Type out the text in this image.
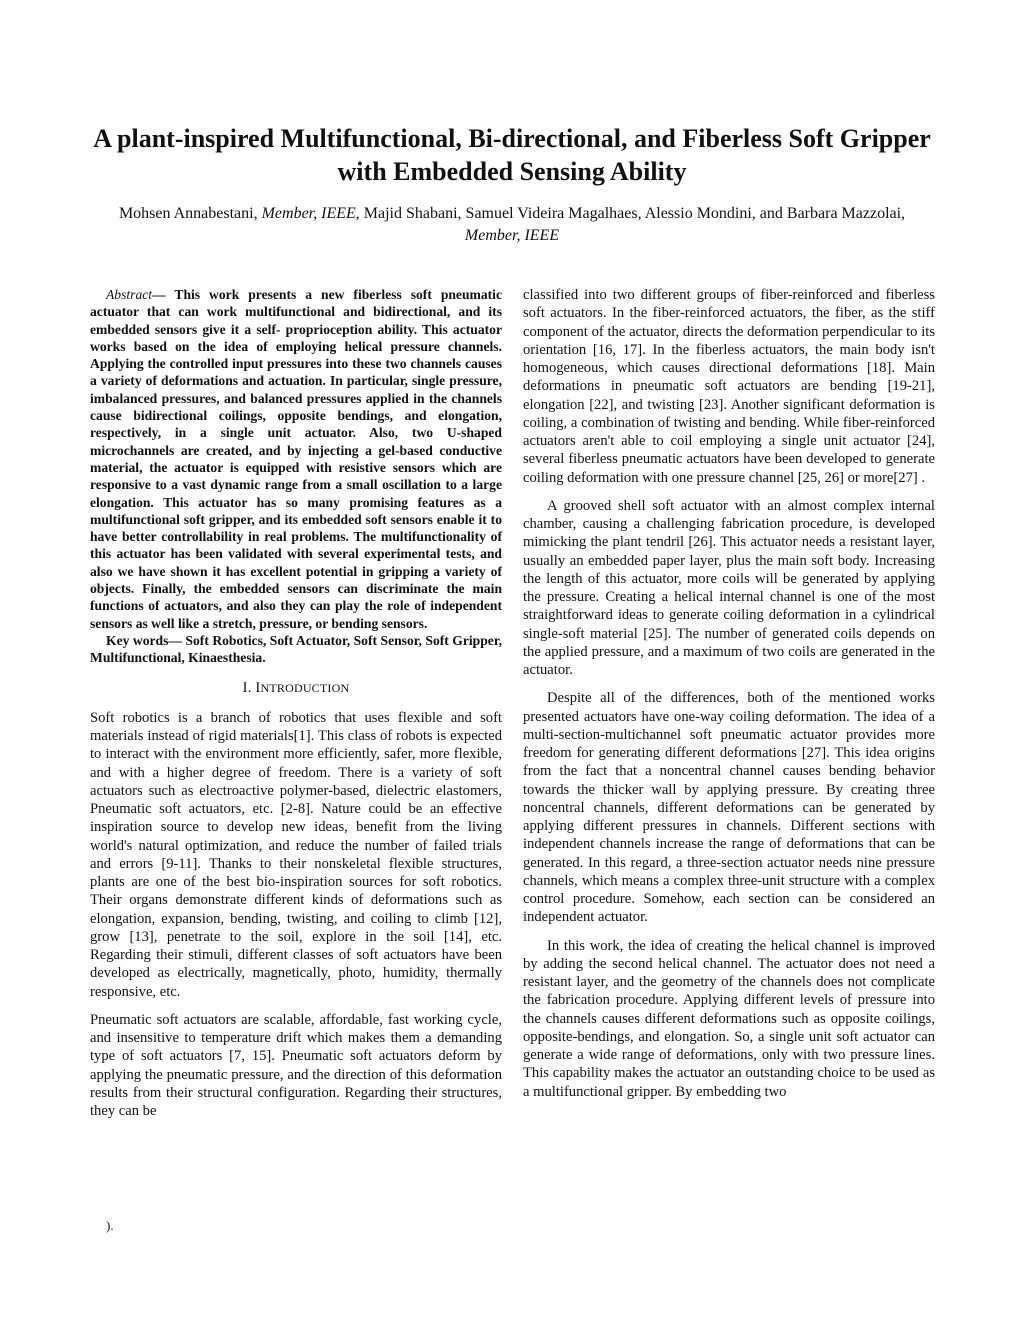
A plant-inspired Multifunctional, Bi-directional, and Fiberless Soft Gripper with Embedded Sensing Ability
Mohsen Annabestani, Member, IEEE, Majid Shabani, Samuel Videira Magalhaes, Alessio Mondini, and Barbara Mazzolai, Member, IEEE

Abstract— This work presents a new fiberless soft pneumatic actuator that can work multifunctional and bidirectional, and its embedded sensors give it a self- proprioception ability. This actuator works based on the idea of employing helical pressure channels. Applying the controlled input pressures into these two channels causes a variety of deformations and actuation. In particular, single pressure, imbalanced pressures, and balanced pressures applied in the channels cause bidirectional coilings, opposite bendings, and elongation, respectively, in a single unit actuator. Also, two U-shaped microchannels are created, and by injecting a gel-based conductive material, the actuator is equipped with resistive sensors which are responsive to a vast dynamic range from a small oscillation to a large elongation. This actuator has so many promising features as a multifunctional soft gripper, and its embedded soft sensors enable it to have better controllability in real problems. The multifunctionality of this actuator has been validated with several experimental tests, and also we have shown it has excellent potential in gripping a variety of objects. Finally, the embedded sensors can discriminate the main functions of actuators, and also they can play the role of independent sensors as well like a stretch, pressure, or bending sensors.

Key words— Soft Robotics, Soft Actuator, Soft Sensor, Soft Gripper, Multifunctional, Kinaesthesia.

I. INTRODUCTION

Soft robotics is a branch of robotics that uses flexible and soft materials instead of rigid materials[1]. This class of robots is expected to interact with the environment more efficiently, safer, more flexible, and with a higher degree of freedom. There is a variety of soft actuators such as electroactive polymer-based, dielectric elastomers, Pneumatic soft actuators, etc. [2-8]. Nature could be an effective inspiration source to develop new ideas, benefit from the living world's natural optimization, and reduce the number of failed trials and errors [9-11]. Thanks to their nonskeletal flexible structures, plants are one of the best bio-inspiration sources for soft robotics. Their organs demonstrate different kinds of deformations such as elongation, expansion, bending, twisting, and coiling to climb [12], grow [13], penetrate to the soil, explore in the soil [14], etc. Regarding their stimuli, different classes of soft actuators have been developed as electrically, magnetically, photo, humidity, thermally responsive, etc.

Pneumatic soft actuators are scalable, affordable, fast working cycle, and insensitive to temperature drift which makes them a demanding type of soft actuators [7, 15]. Pneumatic soft actuators deform by applying the pneumatic pressure, and the direction of this deformation results from their structural configuration. Regarding their structures, they can be

classified into two different groups of fiber-reinforced and fiberless soft actuators. In the fiber-reinforced actuators, the fiber, as the stiff component of the actuator, directs the deformation perpendicular to its orientation [16, 17]. In the fiberless actuators, the main body isn't homogeneous, which causes directional deformations [18]. Main deformations in pneumatic soft actuators are bending [19-21], elongation [22], and twisting [23]. Another significant deformation is coiling, a combination of twisting and bending. While fiber-reinforced actuators aren't able to coil employing a single unit actuator [24], several fiberless pneumatic actuators have been developed to generate coiling deformation with one pressure channel [25, 26] or more[27] .

A grooved shell soft actuator with an almost complex internal chamber, causing a challenging fabrication procedure, is developed mimicking the plant tendril [26]. This actuator needs a resistant layer, usually an embedded paper layer, plus the main soft body. Increasing the length of this actuator, more coils will be generated by applying the pressure. Creating a helical internal channel is one of the most straightforward ideas to generate coiling deformation in a cylindrical single-soft material [25]. The number of generated coils depends on the applied pressure, and a maximum of two coils are generated in the actuator.

Despite all of the differences, both of the mentioned works presented actuators have one-way coiling deformation. The idea of a multi-section-multichannel soft pneumatic actuator provides more freedom for generating different deformations [27]. This idea origins from the fact that a noncentral channel causes bending behavior towards the thicker wall by applying pressure. By creating three noncentral channels, different deformations can be generated by applying different pressures in channels. Different sections with independent channels increase the range of deformations that can be generated. In this regard, a three-section actuator needs nine pressure channels, which means a complex three-unit structure with a complex control procedure. Somehow, each section can be considered an independent actuator.

In this work, the idea of creating the helical channel is improved by adding the second helical channel. The actuator does not need a resistant layer, and the geometry of the channels does not complicate the fabrication procedure. Applying different levels of pressure into the channels causes different deformations such as opposite coilings, opposite-bendings, and elongation. So, a single unit soft actuator can generate a wide range of deformations, only with two pressure lines. This capability makes the actuator an outstanding choice to be used as a multifunctional gripper. By embedding two

).
